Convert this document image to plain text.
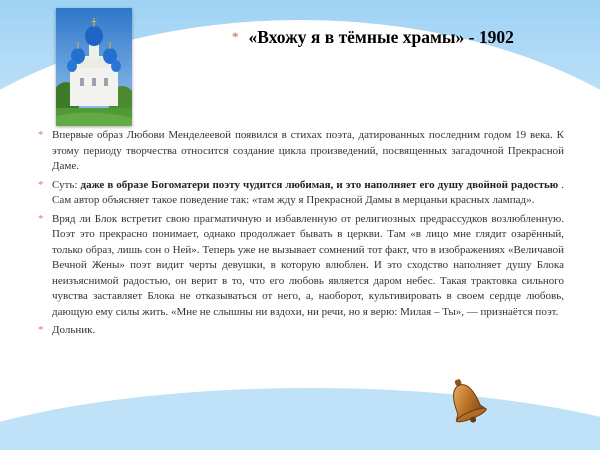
* «Вхожу я в тёмные храмы» - 1902
* Впервые образ Любови Менделеевой появился в стихах поэта, датированных последним годом 19 века. К этому периоду творчества относится создание цикла произведений, посвященных загадочной Прекрасной Даме.
* Суть: даже в образе Богоматери поэту чудится любимая, и это наполняет его душу двойной радостью . Сам автор объясняет такое поведение так: «там жду я Прекрасной Дамы в мерцаньи красных лампад».
* Вряд ли Блок встретит свою прагматичную и избавленную от религиозных предрассудков возлюбленную. Поэт это прекрасно понимает, однако продолжает бывать в церкви. Там «в лицо мне глядит озарённый, только образ, лишь сон о Ней». Теперь уже не вызывает сомнений тот факт, что в изображениях «Величавой Вечной Жены» поэт видит черты девушки, в которую влюблен. И это сходство наполняет душу Блока неизъяснимой радостью, он верит в то, что его любовь является даром небес. Такая трактовка сильного чувства заставляет Блока не отказываться от него, а, наоборот, культивировать в своем сердце любовь, дающую ему силы жить. «Мне не слышны ни вздохи, ни речи, но я верю: Милая – Ты», — признаётся поэт.
* Дольник.
